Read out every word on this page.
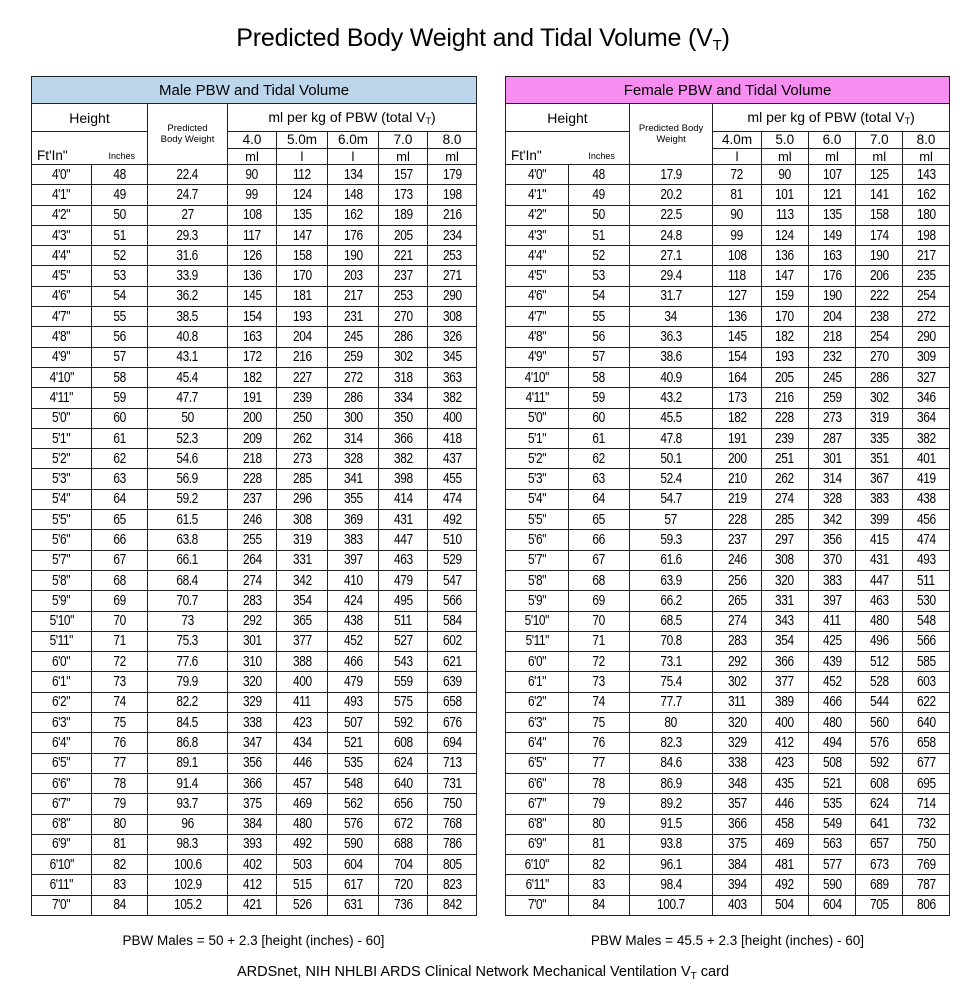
Predicted Body Weight and Tidal Volume $(V_T)$
Male PBW and Tidal Volume							
Height		Predicted Body Weight	ml per kg of PBW (total $V_T$)				

Ft'In" Inches			4.0	5.0m	6.0m	7.0	8.0
			ml	l	l	ml	ml
4'0"	48	22.4	90	112	134	157	179
4'1"	49	24.7	99	124	148	173	198
4'2"	50	27	108	135	162	189	216
4'3"	51	29.3	117	147	176	205	234
4'4"	52	31.6	126	158	190	221	253
4'5"	53	33.9	136	170	203	237	271
4'6"	54	36.2	145	181	217	253	290
4'7"	55	38.5	154	193	231	270	308
4'8"	56	40.8	163	204	245	286	326
4'9"	57	43.1	172	216	259	302	345
4'10"	58	45.4	182	227	272	318	363
4'11"	59	47.7	191	239	286	334	382
5'0"	60	50	200	250	300	350	400
5'1"	61	52.3	209	262	314	366	418
5'2"	62	54.6	218	273	328	382	437
5'3"	63	56.9	228	285	341	398	455
5'4"	64	59.2	237	296	355	414	474
5'5"	65	61.5	246	308	369	431	492
5'6"	66	63.8	255	319	383	447	510
5'7"	67	66.1	264	331	397	463	529
5'8"	68	68.4	274	342	410	479	547
5'9"	69	70.7	283	354	424	495	566
5'10"	70	73	292	365	438	511	584
5'11"	71	75.3	301	377	452	527	602
6'0"	72	77.6	310	388	466	543	621
6'1"	73	79.9	320	400	479	559	639
6'2"	74	82.2	329	411	493	575	658
6'3"	75	84.5	338	423	507	592	676
6'4"	76	86.8	347	434	521	608	694
6'5"	77	89.1	356	446	535	624	713
6'6"	78	91.4	366	457	548	640	731
6'7"	79	93.7	375	469	562	656	750
6'8"	80	96	384	480	576	672	768
6'9"	81	98.3	393	492	590	688	786
6'10"	82	100.6	402	503	604	704	805
6'11"	83	102.9	412	515	617	720	823
7'0"	84	105.2	421	526	631	736	842
Female PBW and Tidal Volume							
Height		Predicted Body Weight	ml per kg of PBW (total $V_T$)				

Ft'In" Inches			4.0m	5.0	6.0	7.0	8.0
			l	ml	ml	ml	ml
4'0"	48	17.9	72	90	107	125	143
4'1"	49	20.2	81	101	121	141	162
4'2"	50	22.5	90	113	135	158	180
4'3"	51	24.8	99	124	149	174	198
4'4"	52	27.1	108	136	163	190	217
4'5"	53	29.4	118	147	176	206	235
4'6"	54	31.7	127	159	190	222	254
4'7"	55	34	136	170	204	238	272
4'8"	56	36.3	145	182	218	254	290
4'9"	57	38.6	154	193	232	270	309
4'10"	58	40.9	164	205	245	286	327
4'11"	59	43.2	173	216	259	302	346
5'0"	60	45.5	182	228	273	319	364
5'1"	61	47.8	191	239	287	335	382
5'2"	62	50.1	200	251	301	351	401
5'3"	63	52.4	210	262	314	367	419
5'4"	64	54.7	219	274	328	383	438
5'5"	65	57	228	285	342	399	456
5'6"	66	59.3	237	297	356	415	474
5'7"	67	61.6	246	308	370	431	493
5'8"	68	63.9	256	320	383	447	511
5'9"	69	66.2	265	331	397	463	530
5'10"	70	68.5	274	343	411	480	548
5'11"	71	70.8	283	354	425	496	566
6'0"	72	73.1	292	366	439	512	585
6'1"	73	75.4	302	377	452	528	603
6'2"	74	77.7	311	389	466	544	622
6'3"	75	80	320	400	480	560	640
6'4"	76	82.3	329	412	494	576	658
6'5"	77	84.6	338	423	508	592	677
6'6"	78	86.9	348	435	521	608	695
6'7"	79	89.2	357	446	535	624	714
6'8"	80	91.5	366	458	549	641	732
6'9"	81	93.8	375	469	563	657	750
6'10"	82	96.1	384	481	577	673	769
6'11"	83	98.4	394	492	590	689	787
7'0"	84	100.7	403	504	604	705	806
PBW Males = 50 + 2.3 [height (inches) - 60]	PBW Males = 45.5 + 2.3 [height (inches) - 60]
ARDSnet, NIH NHLBI ARDS Clinical Network Mechanical Ventilation $V_T$ card
